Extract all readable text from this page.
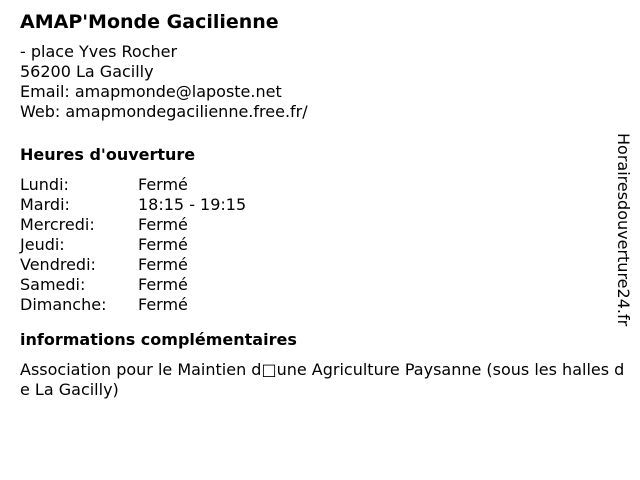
AMAP'Monde Gacilienne
- place Yves Rocher
56200 La Gacilly
Email: amapmonde@laposte.net
Web: amapmondegacilienne.free.fr/
Heures d'ouverture
Lundi:	Fermé
Mardi:	18:15 - 19:15
Mercredi:	Fermé
Jeudi:	Fermé
Vendredi:	Fermé
Samedi:	Fermé
Dimanche:	Fermé
informations complémentaires
Association pour le Maintien d□une Agriculture Paysanne (sous les halles de La Gacilly)
Horairesdouverture24.fr
